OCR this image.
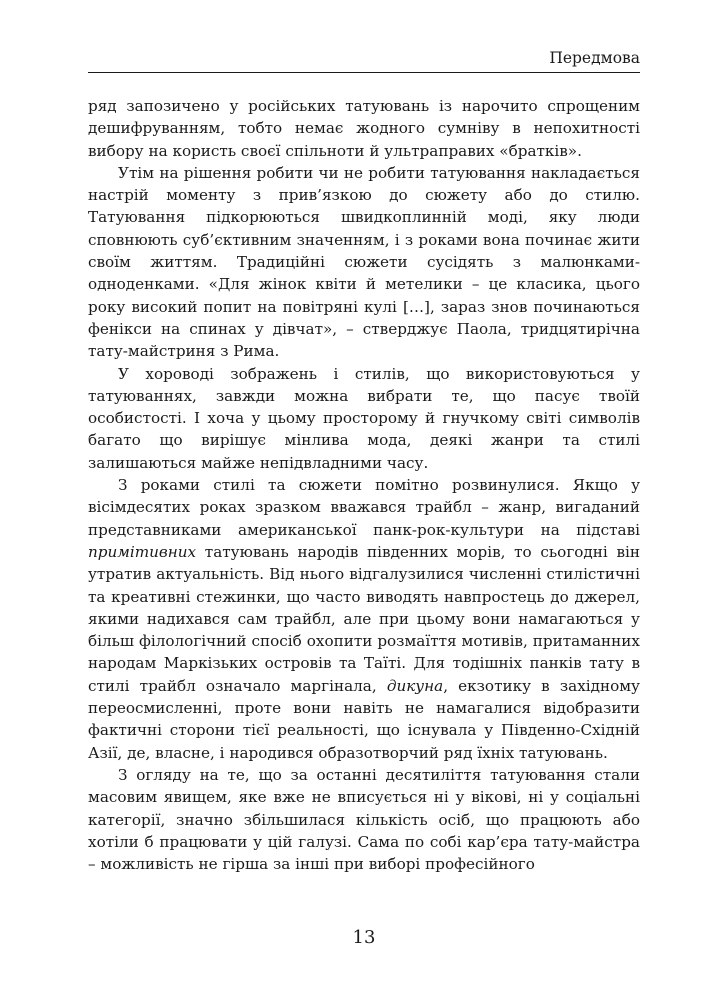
Передмова

ряд запозичено у російських татуювань із нарочито спрощеним дешифруванням, тобто немає жодного сумніву в непохитності вибору на користь своєї спільноти й ультраправих «братків».

Утім на рішення робити чи не робити татуювання накладається настрій моменту з прив’язкою до сюжету або до стилю. Татуювання підкорюються швидкоплинній моді, яку люди сповнюють суб’єктивним значенням, і з роками вона починає жити своїм життям. Традиційні сюжети сусідять з малюнками-одноденками. «Для жінок квіти й метелики – це класика, цього року високий попит на повітряні кулі […], зараз знов починаються фенікси на спинах у дівчат», – стверджує Паола, тридцятирічна тату-майстриня з Рима.

У хороводі зображень і стилів, що використовуються у татуюваннях, завжди можна вибрати те, що пасує твоїй особистості. І хоча у цьому просторому й гнучкому світі символів багато що вирішує мінлива мода, деякі жанри та стилі залишаються майже непідвладними часу.

З роками стилі та сюжети помітно розвинулися. Якщо у вісімдесятих роках зразком вважався трайбл – жанр, вигаданий представниками американської панк-рок-культури на підставі примітивних татуювань народів південних морів, то сьогодні він утратив актуальність. Від нього відгалузилися численні стилістичні та креативні стежинки, що часто виводять навпростець до джерел, якими надихався сам трайбл, але при цьому вони намагаються у більш філологічний спосіб охопити розмаїття мотивів, притаманних народам Маркізьких островів та Таїті. Для тодішніх панків тату в стилі трайбл означало маргінала, дикуна, екзотику в західному переосмисленні, проте вони навіть не намагалися відобразити фактичні сторони тієї реальності, що існувала у Південно-Східній Азії, де, власне, і народився образотворчий ряд їхніх татуювань.

З огляду на те, що за останні десятиліття татуювання стали масовим явищем, яке вже не вписується ні у вікові, ні у соціальні категорії, значно збільшилася кількість осіб, що працюють або хотіли б працювати у цій галузі. Сама по собі кар’єра тату-майстра – можливість не гірша за інші при виборі професійного

13
